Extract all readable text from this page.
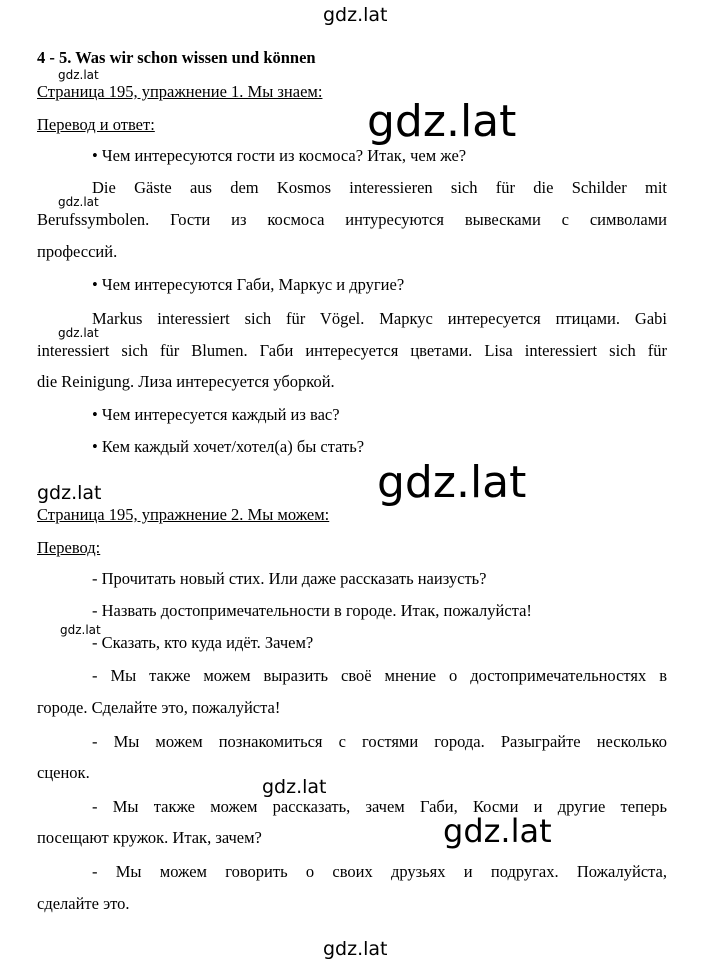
gdz.lat
gdz.lat
gdz.lat
gdz.lat
gdz.lat
gdz.lat
gdz.lat
gdz.lat
gdz.lat
gdz.lat
gdz.lat
4 - 5. Was wir schon wissen und können
Страница 195, упражнение 1. Мы знаем:
Перевод и ответ:
• Чем интересуются гости из космоса? Итак, чем же?
Die Gäste aus dem Kosmos interessieren sich für die Schilder mit
Berufssymbolen. Гости из космоса интуресуются вывесками с символами
профессий.
• Чем интересуются Габи, Маркус и другие?
Markus interessiert sich für Vögel. Маркус интересуется птицами. Gabi
interessiert sich für Blumen. Габи интересуется цветами. Lisa interessiert sich für
die Reinigung. Лиза интересуется уборкой.
• Чем интересуется каждый из вас?
• Кем каждый хочет/хотел(а) бы стать?
Страница 195, упражнение 2. Мы можем:
Перевод:
- Прочитать новый стих. Или даже рассказать наизусть?
- Назвать достопримечательности в городе. Итак, пожалуйста!
- Сказать, кто куда идёт. Зачем?
- Мы также можем выразить своё мнение о достопримечательностях в
городе. Сделайте это, пожалуйста!
- Мы можем познакомиться с гостями города. Разыграйте несколько
сценок.
- Мы также можем рассказать, зачем Габи, Косми и другие теперь
посещают кружок. Итак, зачем?
- Мы можем говорить о своих друзьях и подругах. Пожалуйста,
сделайте это.
